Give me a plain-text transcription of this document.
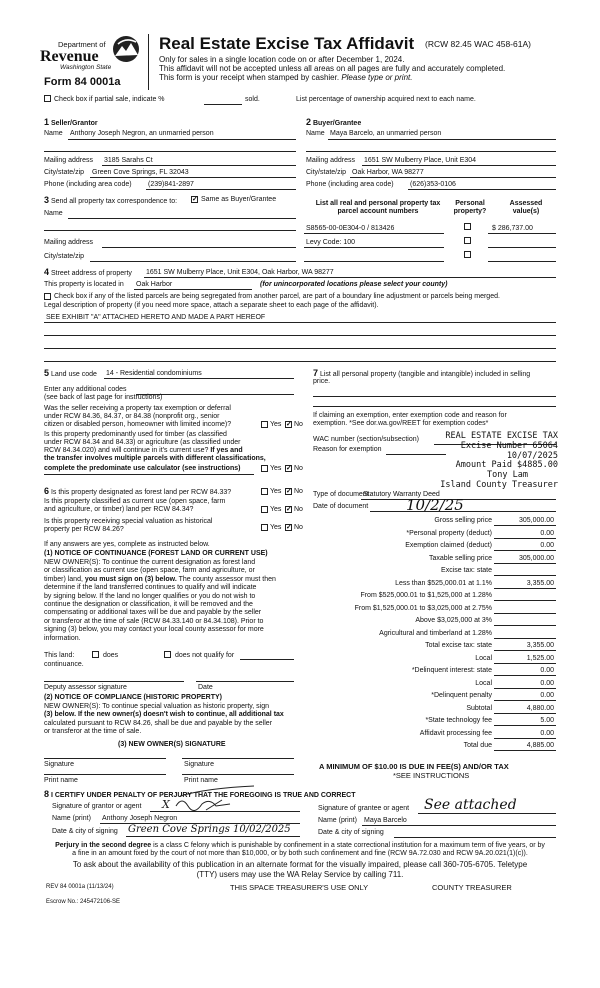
Department of
Revenue
Washington State
Form 84 0001a
Real Estate Excise Tax Affidavit (RCW 82.45 WAC 458-61A)
Only for sales in a single location code on or after December 1, 2024.
This affidavit will not be accepted unless all areas on all pages are fully and accurately completed.
This form is your receipt when stamped by cashier. Please type or print.
Check box if partial sale, indicate %	sold.	List percentage of ownership acquired next to each name.
1 Seller/Grantor
Name Anthony Joseph Negron, an unmarried person
Mailing address 3185 Sarahs Ct
City/state/zip Green Cove Springs, FL 32043
Phone (including area code) (239)841-2897
2 Buyer/Grantee
Name Maya Barcelo, an unmarried person
Mailing address 1651 SW Mulberry Place, Unit E304
City/state/zip Oak Harbor, WA 98277
Phone (including area code) (626)353-0106
3 Send all property tax correspondence to: ✓ Same as Buyer/Grantee
Name
Mailing address
City/state/zip
List all real and personal property tax parcel account numbers
Personal property?
Assessed value(s)
S8565-00-0E304-0 / 813426	$ 286,737.00
Levy Code: 100
4 Street address of property 1651 SW Mulberry Place, Unit E304, Oak Harbor, WA 98277
This property is located in Oak Harbor	(for unincorporated locations please select your county)
Check box if any of the listed parcels are being segregated from another parcel, are part of a boundary line adjustment or parcels being merged.
Legal description of property (if you need more space, attach a separate sheet to each page of the affidavit).
SEE EXHIBIT "A" ATTACHED HERETO AND MADE A PART HEREOF
5 Land use code 14 - Residential condominiums
Enter any additional codes
(see back of last page for instructions)
Was the seller receiving a property tax exemption or deferral
under RCW 84.36, 84.37, or 84.38 (nonprofit org., senior
citizen or disabled person, homeowner with limited income)?	Yes ✓ No
Is this property predominantly used for timber (as classified
under RCW 84.34 and 84.33) or agriculture (as classified under
RCW 84.34.020) and will continue in it's current use? If yes and
the transfer involves multiple parcels with different classifications,
complete the predominate use calculator (see instructions)	Yes ✓ No
6 Is this property designated as forest land per RCW 84.33?	Yes ✓ No
Is this property classified as current use (open space, farm
and agriculture, or timber) land per RCW 84.34?	Yes ✓ No
Is this property receiving special valuation as historical
property per RCW 84.26?	Yes ✓ No
If any answers are yes, complete as instructed below.
(1) NOTICE OF CONTINUANCE (FOREST LAND OR CURRENT USE)
NEW OWNER(S): To continue the current designation as forest land
or classification as current use (open space, farm and agriculture, or
timber) land, you must sign on (3) below. The county assessor must then
determine if the land transferred continues to qualify and will indicate
by signing below. If the land no longer qualifies or you do not wish to
continue the designation or classification, it will be removed and the
compensating or additional taxes will be due and payable by the seller
or transferor at the time of sale (RCW 84.33.140 or 84.34.108). Prior to
signing (3) below, you may contact your local county assessor for more
information.
This land:	does	does not qualify for
continuance.
Deputy assessor signature	Date
(2) NOTICE OF COMPLIANCE (HISTORIC PROPERTY)
NEW OWNER(S): To continue special valuation as historic property, sign
(3) below. If the new owner(s) doesn't wish to continue, all additional tax
calculated pursuant to RCW 84.26, shall be due and payable by the seller
or transferor at the time of sale.
(3) NEW OWNER(S) SIGNATURE
Signature	Signature
Print name	Print name
7 List all personal property (tangible and intangible) included in selling
price.
If claiming an exemption, enter exemption code and reason for
exemption. *See dor.wa.gov/REET for exemption codes*
WAC number (section/subsection)
Reason for exemption
REAL ESTATE EXCISE TAX
Excise Number 65064
10/07/2025
Amount Paid $4885.00
Tony Lam
Island County Treasurer
Type of document
Statutory Warranty Deed
Date of document	10/2/25
Gross selling price	305,000.00
*Personal property (deduct)	0.00
Exemption claimed (deduct)	0.00
Taxable selling price	305,000.00
Excise tax: state
Less than $525,000.01 at 1.1%	3,355.00
From $525,000.01 to $1,525,000 at 1.28%
From $1,525,000.01 to $3,025,000 at 2.75%
Above $3,025,000 at 3%
Agricultural and timberland at 1.28%
Total excise tax: state	3,355.00
Local	1,525.00
*Delinquent interest: state	0.00
Local	0.00
*Delinquent penalty	0.00
Subtotal	4,880.00
*State technology fee	5.00
Affidavit processing fee	0.00
Total due	4,885.00
A MINIMUM OF $10.00 IS DUE IN FEE(S) AND/OR TAX
*SEE INSTRUCTIONS
8 I CERTIFY UNDER PENALTY OF PERJURY THAT THE FOREGOING IS TRUE AND CORRECT
Signature of grantor or agent Χ
Name (print) Anthony Joseph Negron
Date & city of signing Green Cove Springs 10/02/2025
Signature of grantee or agent See attached
Name (print) Maya Barcelo
Date & city of signing
Perjury in the second degree is a class C felony which is punishable by confinement in a state correctional institution for a maximum term of five years, or by
a fine in an amount fixed by the court of not more than $10,000, or by both such confinement and fine (RCW 9A.72.030 and RCW 9A.20.021(1)(c)).
To ask about the availability of this publication in an alternate format for the visually impaired, please call 360-705-6705. Teletype
(TTY) users may use the WA Relay Service by calling 711.
REV 84 0001a (11/13/24)	THIS SPACE TREASURER'S USE ONLY	COUNTY TREASURER
Escrow No.: 245472106-SE
